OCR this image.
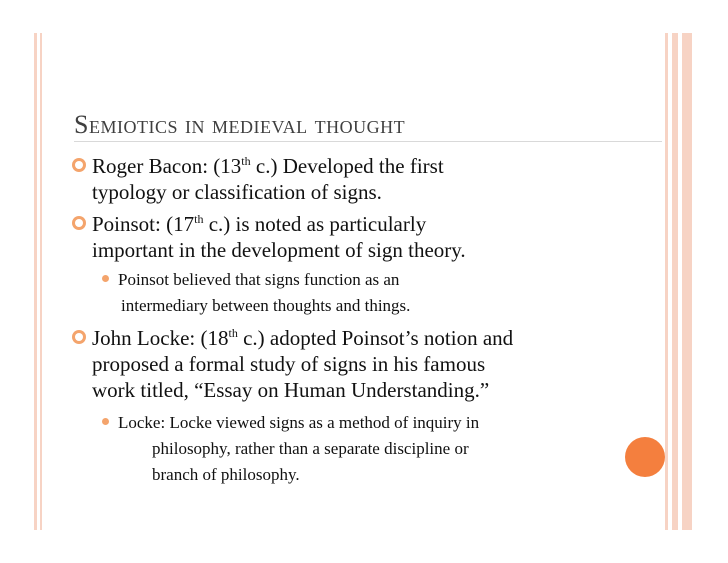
Semiotics in medieval thought
Roger Bacon: (13th c.) Developed the first
typology or classification of signs.
Poinsot: (17th c.) is noted as particularly
important in the development of sign theory.
Poinsot believed that signs function as an
intermediary between thoughts and things.
John Locke: (18th c.) adopted Poinsot’s notion and
proposed a formal study of signs in his famous
work titled, “Essay on Human Understanding.”
Locke: Locke viewed signs as a method of inquiry in
philosophy, rather than a separate discipline or
branch of philosophy.
